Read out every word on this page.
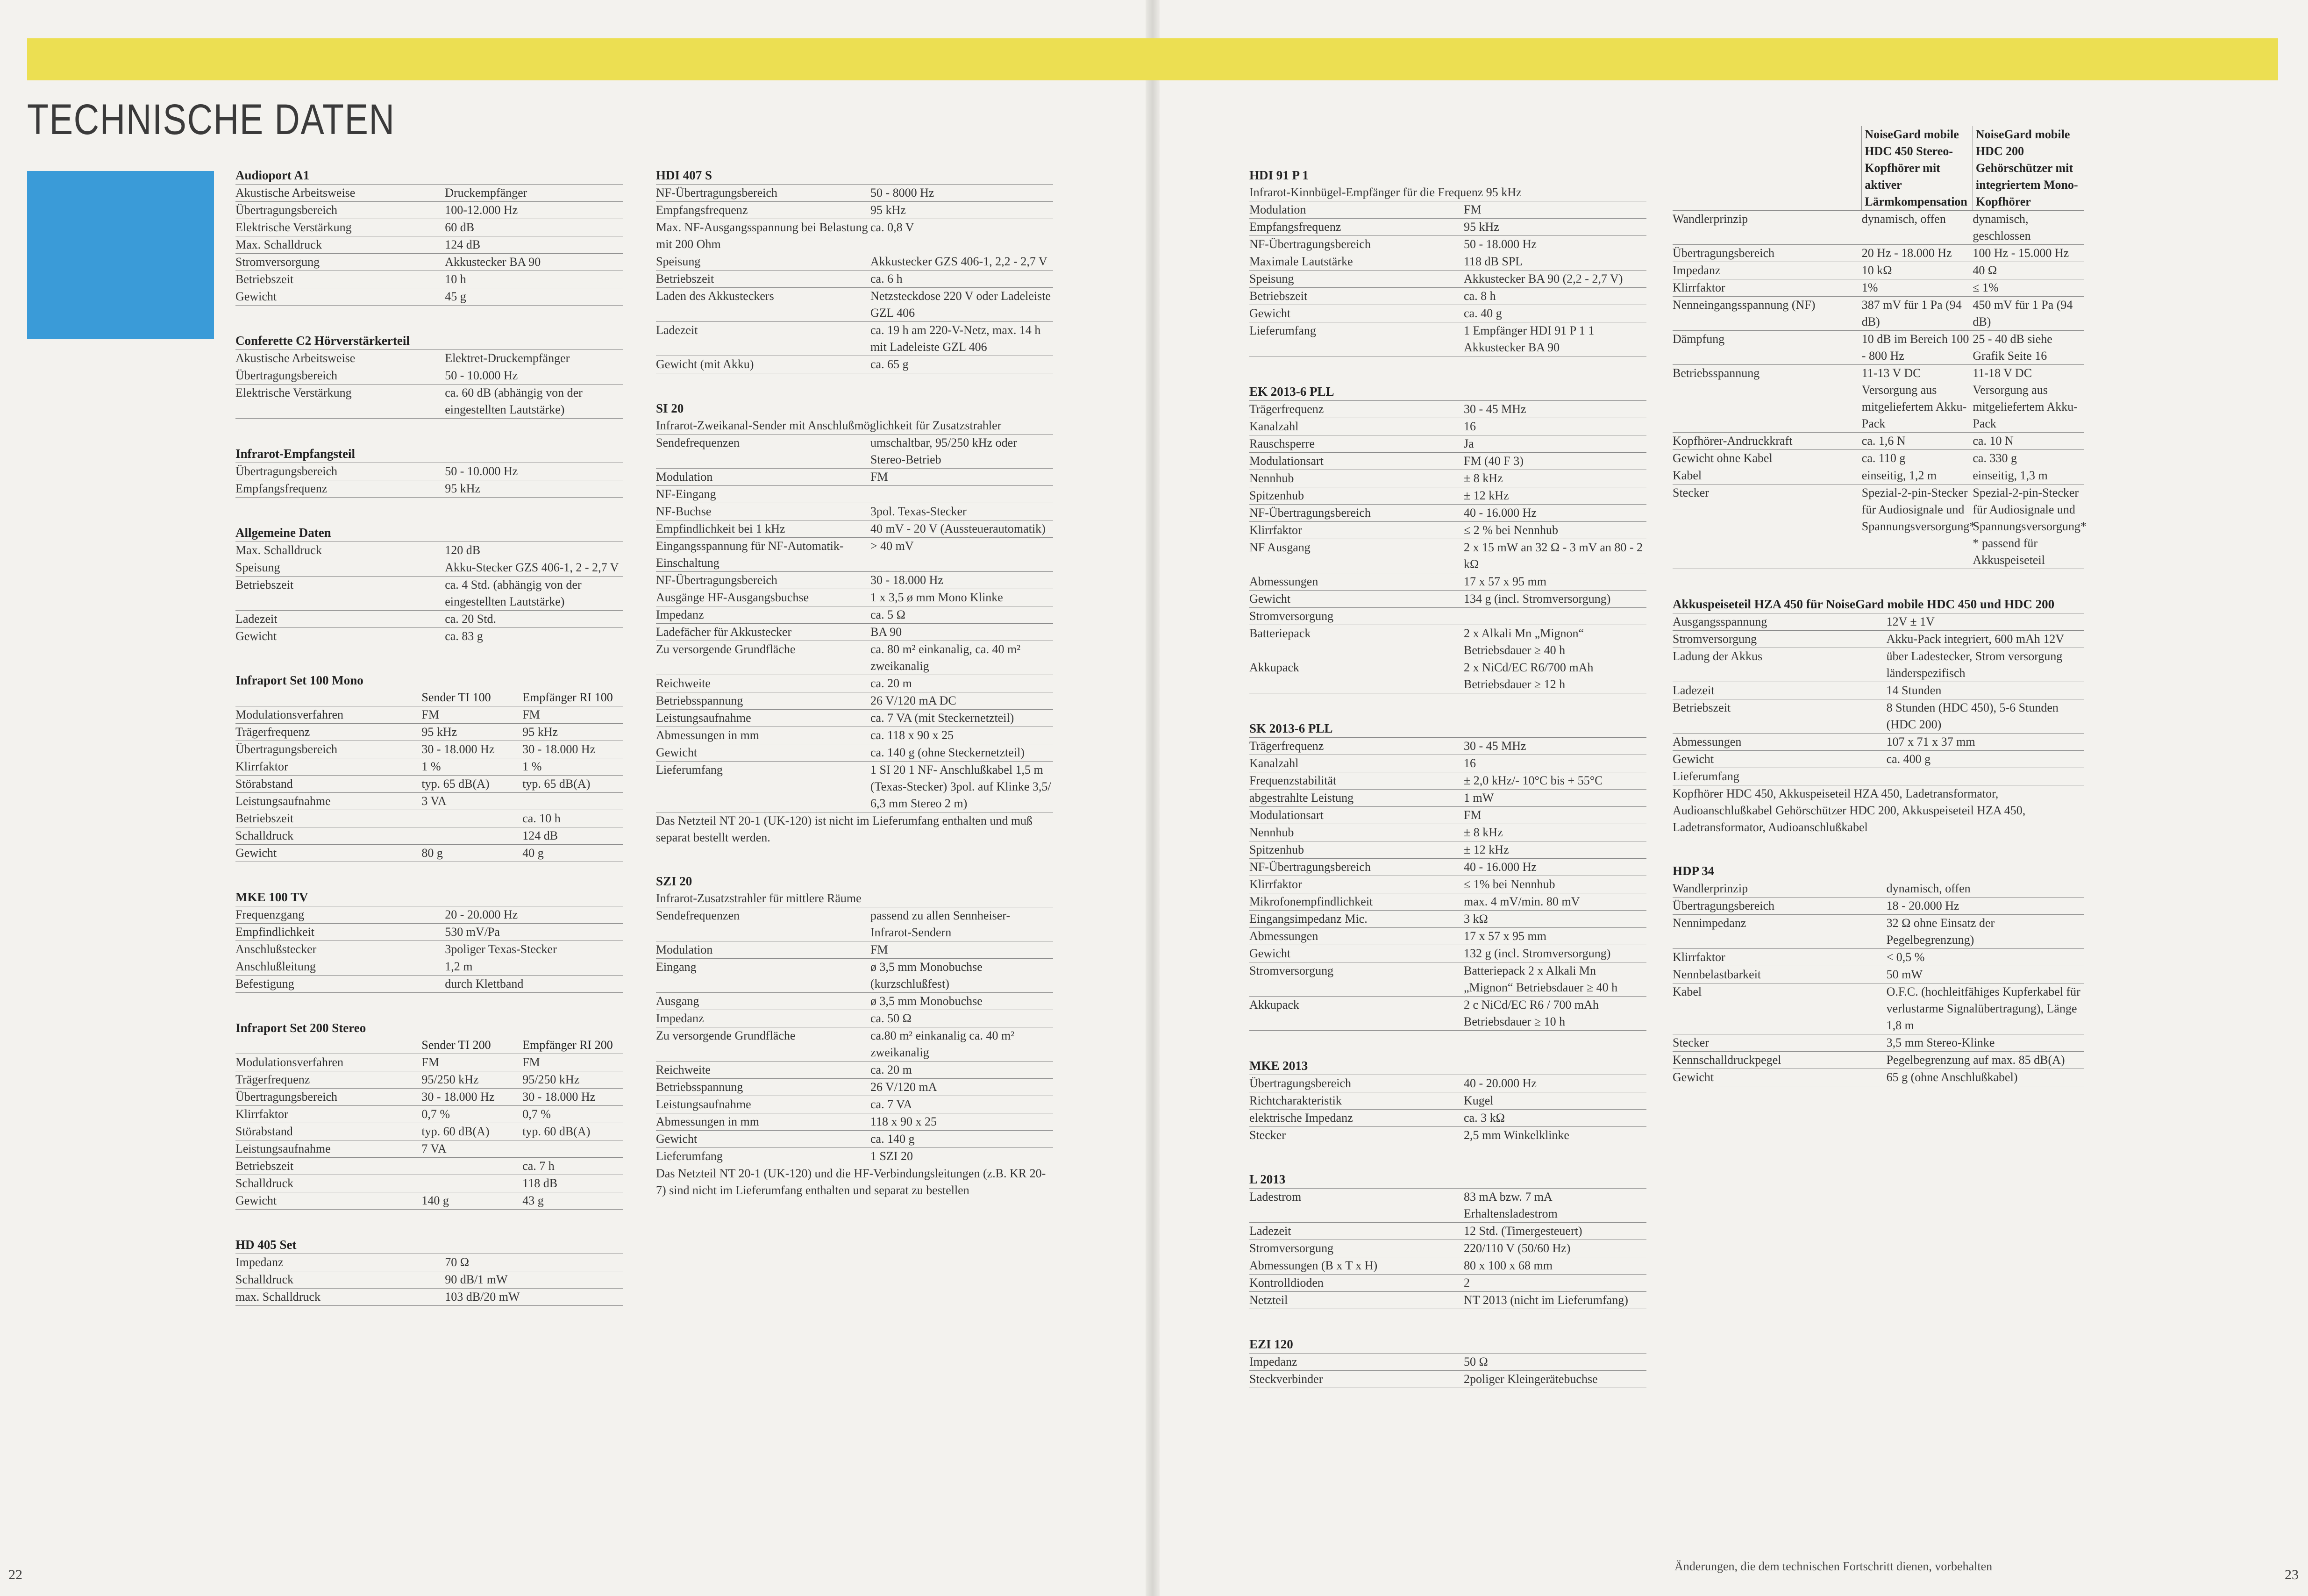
TECHNISCHE DATEN
Audioport A1
Akustische Arbeitsweise	Druckempfänger
Übertragungsbereich	100-12.000 Hz
Elektrische Verstärkung	60 dB
Max. Schalldruck	124 dB
Stromversorgung	Akkustecker BA 90
Betriebszeit	10 h
Gewicht	45 g
Conferette C2 Hörverstärkerteil
Akustische Arbeitsweise	Elektret-Druckempfänger
Übertragungsbereich	50 - 10.000 Hz
Elektrische Verstärkung	ca. 60 dB (abhängig von der eingestellten Lautstärke)
Infrarot-Empfangsteil
Übertragungsbereich	50 - 10.000 Hz
Empfangsfrequenz	95 kHz
Allgemeine Daten
Max. Schalldruck	120 dB
Speisung	Akku-Stecker GZS 406-1, 2 - 2,7 V
Betriebszeit	ca. 4 Std. (abhängig von der eingestellten Lautstärke)
Ladezeit	ca. 20 Std.
Gewicht	ca. 83 g
Infraport Set 100 Mono
	Sender TI 100	Empfänger RI 100
Modulationsverfahren	FM	FM
Trägerfrequenz	95 kHz	95 kHz
Übertragungsbereich	30 - 18.000 Hz	30 - 18.000 Hz
Klirrfaktor	1 %	1 %
Störabstand	typ. 65 dB(A)	typ. 65 dB(A)
Leistungsaufnahme	3 VA	
Betriebszeit		ca. 10 h
Schalldruck		124 dB
Gewicht	80 g	40 g
MKE 100 TV
Frequenzgang	20 - 20.000 Hz
Empfindlichkeit	530 mV/Pa
Anschlußstecker	3poliger Texas-Stecker
Anschlußleitung	1,2 m
Befestigung	durch Klettband
Infraport Set 200 Stereo
	Sender TI 200	Empfänger RI 200
Modulationsverfahren	FM	FM
Trägerfrequenz	95/250 kHz	95/250 kHz
Übertragungsbereich	30 - 18.000 Hz	30 - 18.000 Hz
Klirrfaktor	0,7 %	0,7 %
Störabstand	typ. 60 dB(A)	typ. 60 dB(A)
Leistungsaufnahme	7 VA	
Betriebszeit		ca. 7 h
Schalldruck		118 dB
Gewicht	140 g	43 g
HD 405 Set
Impedanz	70 Ω
Schalldruck	90 dB/1 mW
max. Schalldruck	103 dB/20 mW
HDI 407 S
NF-Übertragungsbereich	50 - 8000 Hz
Empfangsfrequenz	95 kHz
Max. NF-Ausgangsspannung bei Belastung mit 200 Ohm	ca. 0,8 V
Speisung	Akkustecker GZS 406-1, 2,2 - 2,7 V
Betriebszeit	ca. 6 h
Laden des Akkusteckers	Netzsteckdose 220 V oder Ladeleiste GZL 406
Ladezeit	ca. 19 h am 220-V-Netz, max. 14 h mit Ladeleiste GZL 406
Gewicht (mit Akku)	ca. 65 g
SI 20
Infrarot-Zweikanal-Sender mit Anschlußmöglichkeit für Zusatzstrahler
Sendefrequenzen	umschaltbar, 95/250 kHz oder Stereo-Betrieb
Modulation	FM
NF-Eingang	
NF-Buchse	3pol. Texas-Stecker
Empfindlichkeit bei 1 kHz	40 mV - 20 V (Aussteuerautomatik)
Eingangsspannung für NF-Automatik-Einschaltung	> 40 mV
NF-Übertragungsbereich	30 - 18.000 Hz
Ausgänge HF-Ausgangsbuchse	1 x 3,5 ø mm Mono Klinke
Impedanz	ca. 5 Ω
Ladefächer für Akkustecker	BA 90
Zu versorgende Grundfläche	ca. 80 m² einkanalig, ca. 40 m² zweikanalig
Reichweite	ca. 20 m
Betriebsspannung	26 V/120 mA DC
Leistungsaufnahme	ca. 7 VA (mit Steckernetzteil)
Abmessungen in mm	ca. 118 x 90 x 25
Gewicht	ca. 140 g (ohne Steckernetzteil)
Lieferumfang	1 SI 20 1 NF- Anschlußkabel 1,5 m (Texas-Stecker) 3pol. auf Klinke 3,5/ 6,3 mm Stereo 2 m)
Das Netzteil NT 20-1 (UK-120) ist nicht im Lieferumfang enthalten und muß separat bestellt werden.
SZI 20
Infrarot-Zusatzstrahler für mittlere Räume
Sendefrequenzen	passend zu allen Sennheiser-Infrarot-Sendern
Modulation	FM
Eingang	ø 3,5 mm Monobuchse (kurzschlußfest)
Ausgang	ø 3,5 mm Monobuchse
Impedanz	ca. 50 Ω
Zu versorgende Grundfläche	ca.80 m² einkanalig ca. 40 m² zweikanalig
Reichweite	ca. 20 m
Betriebsspannung	26 V/120 mA
Leistungsaufnahme	ca. 7 VA
Abmessungen in mm	118 x 90 x 25
Gewicht	ca. 140 g
Lieferumfang	1 SZI 20
Das Netzteil NT 20-1 (UK-120) und die HF-Verbindungsleitungen (z.B. KR 20-7) sind nicht im Lieferumfang enthalten und separat zu bestellen
HDI 91 P 1
Infrarot-Kinnbügel-Empfänger für die Frequenz 95 kHz
Modulation	FM
Empfangsfrequenz	95 kHz
NF-Übertragungsbereich	50 - 18.000 Hz
Maximale Lautstärke	118 dB SPL
Speisung	Akkustecker BA 90 (2,2 - 2,7 V)
Betriebszeit	ca. 8 h
Gewicht	ca. 40 g
Lieferumfang	1 Empfänger HDI 91 P 1 1 Akkustecker BA 90
EK 2013-6 PLL
Trägerfrequenz	30 - 45 MHz
Kanalzahl	16
Rauschsperre	Ja
Modulationsart	FM (40 F 3)
Nennhub	± 8 kHz
Spitzenhub	± 12 kHz
NF-Übertragungsbereich	40 - 16.000 Hz
Klirrfaktor	≤ 2 % bei Nennhub
NF Ausgang	2 x 15 mW an 32 Ω - 3 mV an 80 - 2 kΩ
Abmessungen	17 x 57 x 95 mm
Gewicht	134 g (incl. Stromversorgung)
Stromversorgung	
Batteriepack	2 x Alkali Mn „Mignon“ Betriebsdauer ≥ 40 h
Akkupack	2 x NiCd/EC R6/700 mAh Betriebsdauer ≥ 12 h
SK 2013-6 PLL
Trägerfrequenz	30 - 45 MHz
Kanalzahl	16
Frequenzstabilität	± 2,0 kHz/- 10°C bis + 55°C
abgestrahlte Leistung	1 mW
Modulationsart	FM
Nennhub	± 8 kHz
Spitzenhub	± 12 kHz
NF-Übertragungsbereich	40 - 16.000 Hz
Klirrfaktor	≤ 1% bei Nennhub
Mikrofonempfindlichkeit	max. 4 mV/min. 80 mV
Eingangsimpedanz Mic.	3 kΩ
Abmessungen	17 x 57 x 95 mm
Gewicht	132 g (incl. Stromversorgung)
Stromversorgung	Batteriepack 2 x Alkali Mn „Mignon“ Betriebsdauer ≥ 40 h
Akkupack	2 c NiCd/EC R6 / 700 mAh Betriebsdauer ≥ 10 h
MKE 2013
Übertragungsbereich	40 - 20.000 Hz
Richtcharakteristik	Kugel
elektrische Impedanz	ca. 3 kΩ
Stecker	2,5 mm Winkelklinke
L 2013
Ladestrom	83 mA bzw. 7 mA Erhaltensladestrom
Ladezeit	12 Std. (Timergesteuert)
Stromversorgung	220/110 V (50/60 Hz)
Abmessungen (B x T x H)	80 x 100 x 68 mm
Kontrolldioden	2
Netzteil	NT 2013 (nicht im Lieferumfang)
EZI 120
Impedanz	50 Ω
Steckverbinder	2poliger Kleingerätebuchse
	NoiseGard mobile HDC 450 Stereo-Kopfhörer mit aktiver Lärmkompensation	NoiseGard mobile HDC 200 Gehörschützer mit integriertem Mono-Kopfhörer
Wandlerprinzip	dynamisch, offen	dynamisch, geschlossen
Übertragungsbereich	20 Hz - 18.000 Hz	100 Hz - 15.000 Hz
Impedanz	10 kΩ	40 Ω
Klirrfaktor	1%	≤ 1%
Nenneingangsspannung (NF)	387 mV für 1 Pa (94 dB)	450 mV für 1 Pa (94 dB)
Dämpfung	10 dB im Bereich 100 - 800 Hz	25 - 40 dB siehe Grafik Seite 16
Betriebsspannung	11-13 V DC Versorgung aus mitgeliefertem Akku-Pack	11-18 V DC Versorgung aus mitgeliefertem Akku-Pack
Kopfhörer-Andruckkraft	ca. 1,6 N	ca. 10 N
Gewicht ohne Kabel	ca. 110 g	ca. 330 g
Kabel	einseitig, 1,2 m	einseitig, 1,3 m
Stecker	Spezial-2-pin-Stecker für Audiosignale und Spannungsversorgung*	Spezial-2-pin-Stecker für Audiosignale und Spannungsversorgung* * passend für Akkuspeiseteil
Akkuspeiseteil HZA 450 für NoiseGard mobile HDC 450 und HDC 200
Ausgangsspannung	12V ± 1V
Stromversorgung	Akku-Pack integriert, 600 mAh 12V
Ladung der Akkus	über Ladestecker, Strom versorgung länderspezifisch
Ladezeit	14 Stunden
Betriebszeit	8 Stunden (HDC 450), 5-6 Stunden (HDC 200)
Abmessungen	107 x 71 x 37 mm
Gewicht	ca. 400 g
Lieferumfang	
Kopfhörer HDC 450, Akkuspeiseteil HZA 450, Ladetransformator, Audioanschlußkabel Gehörschützer HDC 200, Akkuspeiseteil HZA 450, Ladetransformator, Audioanschlußkabel
HDP 34
Wandlerprinzip	dynamisch, offen
Übertragungsbereich	18 - 20.000 Hz
Nennimpedanz	32 Ω ohne Einsatz der Pegelbegrenzung)
Klirrfaktor	< 0,5 %
Nennbelastbarkeit	50 mW
Kabel	O.F.C. (hochleitfähiges Kupferkabel für verlustarme Signalübertragung), Länge 1,8 m
Stecker	3,5 mm Stereo-Klinke
Kennschalldruckpegel	Pegelbegrenzung auf max. 85 dB(A)
Gewicht	65 g (ohne Anschlußkabel)
22	23
Änderungen, die dem technischen Fortschritt dienen, vorbehalten
